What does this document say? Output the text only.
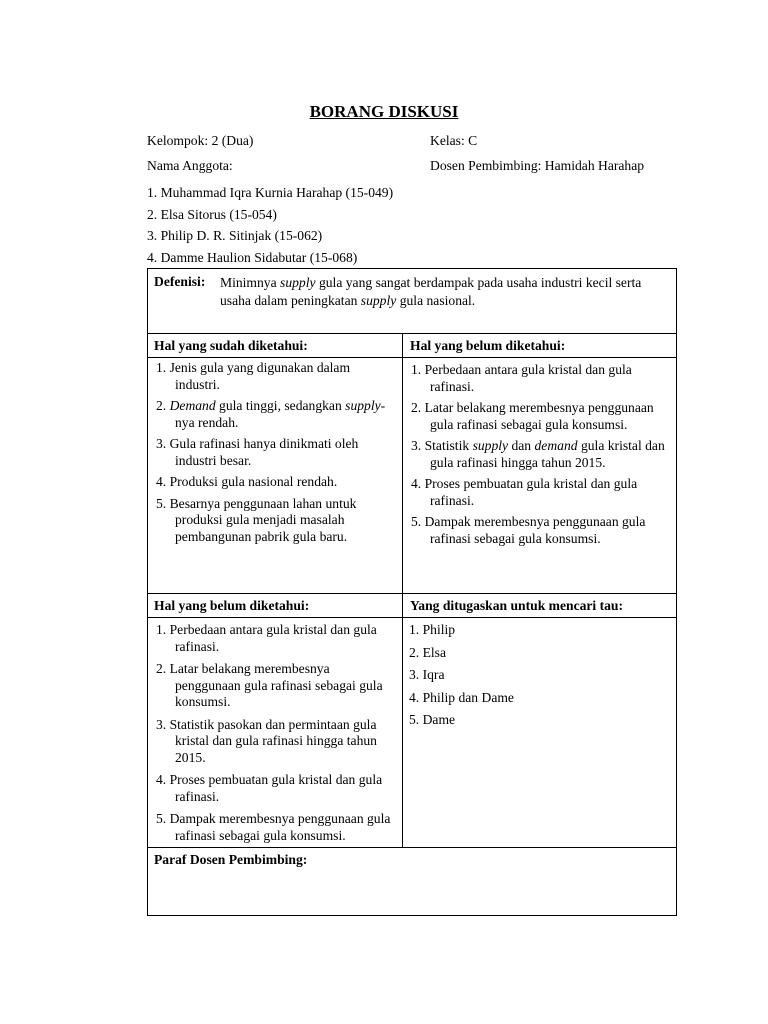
BORANG DISKUSI
Kelompok: 2 (Dua)	Kelas: C
Nama Anggota:	Dosen Pembimbing: Hamidah Harahap
1. Muhammad Iqra Kurnia Harahap (15-049)
2. Elsa Sitorus (15-054)
3. Philip D. R. Sitinjak (15-062)
4. Damme Haulion Sidabutar (15-068)
Defenisi: Minimnya supply gula yang sangat berdampak pada usaha industri kecil serta usaha dalam peningkatan supply gula nasional.
Hal yang sudah diketahui:	Hal yang belum diketahui:
1. Jenis gula yang digunakan dalam industri.
2. Demand gula tinggi, sedangkan supply-nya rendah.
3. Gula rafinasi hanya dinikmati oleh industri besar.
4. Produksi gula nasional rendah.
5. Besarnya penggunaan lahan untuk produksi gula menjadi masalah pembangunan pabrik gula baru.
1. Perbedaan antara gula kristal dan gula rafinasi.
2. Latar belakang merembesnya penggunaan gula rafinasi sebagai gula konsumsi.
3. Statistik supply dan demand gula kristal dan gula rafinasi hingga tahun 2015.
4. Proses pembuatan gula kristal dan gula rafinasi.
5. Dampak merembesnya penggunaan gula rafinasi sebagai gula konsumsi.
Hal yang belum diketahui:	Yang ditugaskan untuk mencari tau:
1. Perbedaan antara gula kristal dan gula rafinasi.
2. Latar belakang merembesnya penggunaan gula rafinasi sebagai gula konsumsi.
3. Statistik pasokan dan permintaan gula kristal dan gula rafinasi hingga tahun 2015.
4. Proses pembuatan gula kristal dan gula rafinasi.
5. Dampak merembesnya penggunaan gula rafinasi sebagai gula konsumsi.
1. Philip
2. Elsa
3. Iqra
4. Philip dan Dame
5. Dame
Paraf Dosen Pembimbing:
